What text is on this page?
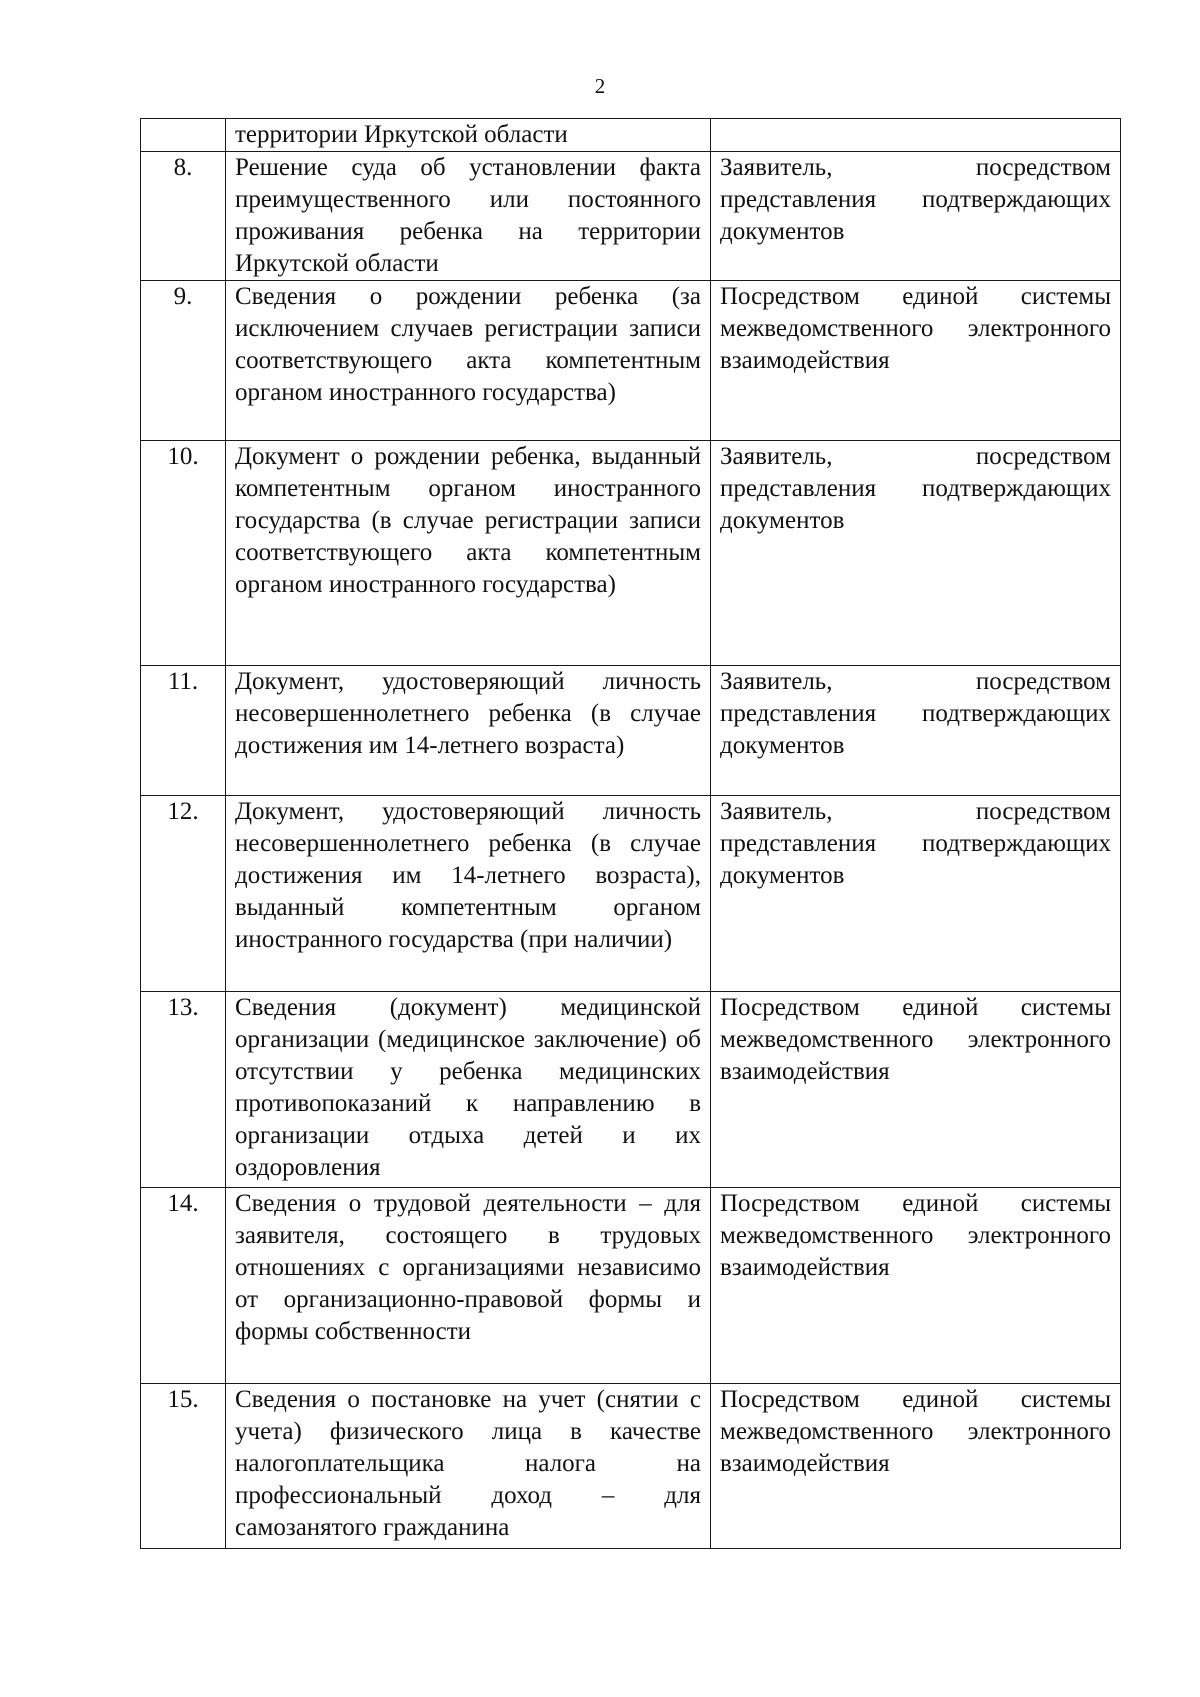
2
	территории Иркутской области	
8.	Решение суда об установлении факта преимущественного или постоянного проживания ребенка на территории Иркутской области	Заявитель, посредством представления подтверждающих документов
9.	Сведения о рождении ребенка (за исключением случаев регистрации записи соответствующего акта компетентным органом иностранного государства)	Посредством единой системы межведомственного электронного взаимодействия
10.	Документ о рождении ребенка, выданный компетентным органом иностранного государства (в случае регистрации записи соответствующего акта компетентным органом иностранного государства)	Заявитель, посредством представления подтверждающих документов
11.	Документ, удостоверяющий личность несовершеннолетнего ребенка (в случае достижения им 14-летнего возраста)	Заявитель, посредством представления подтверждающих документов
12.	Документ, удостоверяющий личность несовершеннолетнего ребенка (в случае достижения им 14-летнего возраста), выданный компетентным органом иностранного государства (при наличии)	Заявитель, посредством представления подтверждающих документов
13.	Сведения (документ) медицинской организации (медицинское заключение) об отсутствии у ребенка медицинских противопоказаний к направлению в организации отдыха детей и их оздоровления	Посредством единой системы межведомственного электронного взаимодействия
14.	Сведения о трудовой деятельности – для заявителя, состоящего в трудовых отношениях с организациями независимо от организационно-правовой формы и формы собственности	Посредством единой системы межведомственного электронного взаимодействия
15.	Сведения о постановке на учет (снятии с учета) физического лица в качестве налогоплательщика налога на профессиональный доход – для самозанятого гражданина	Посредством единой системы межведомственного электронного взаимодействия
